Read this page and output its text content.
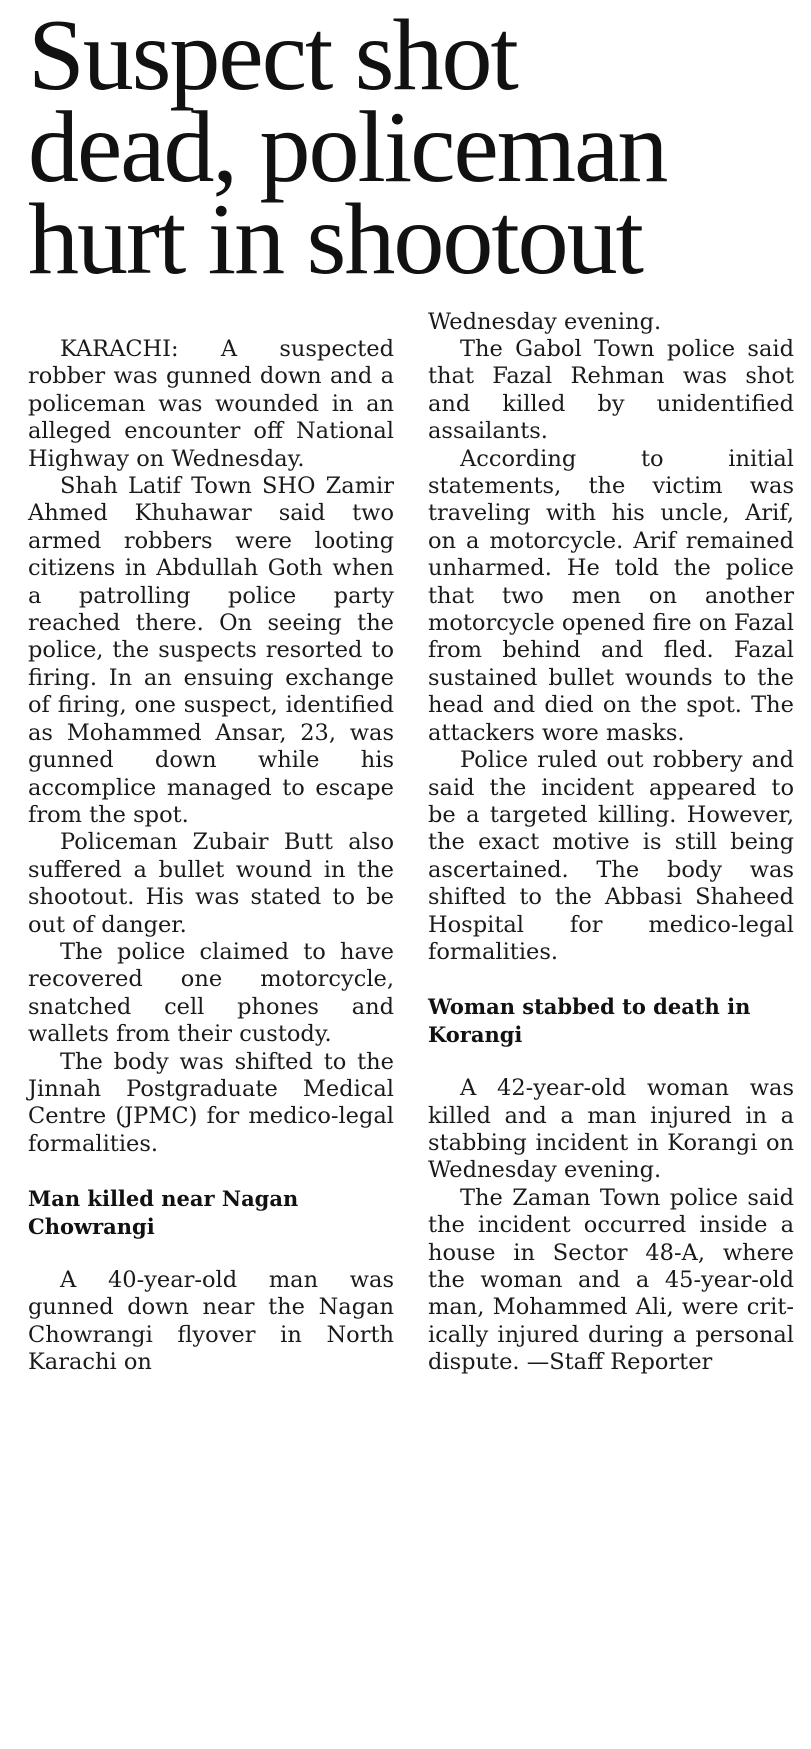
Suspect shot
dead, policeman
hurt in shootout

KARACHI: A suspected robber was gunned down and a policeman was wounded in an alleged encounter off National Highway on Wednesday.

Shah Latif Town SHO Zamir Ahmed Khuhawar said two armed robbers were looting citizens in Abdullah Goth when a patrolling police party reached there. On seeing the police, the suspects resorted to firing. In an ensuing exchange of firing, one suspect, identified as Mohammed Ansar, 23, was gunned down while his accomplice managed to escape from the spot.

Policeman Zubair Butt also suffered a bullet wound in the shootout. His was stated to be out of danger.

The police claimed to have recovered one motorcycle, snatched cell phones and wallets from their custody.

The body was shifted to the Jinnah Postgraduate Medical Centre (JPMC) for medico-legal formalities.

Man killed near Nagan Chowrangi

A 40-year-old man was gunned down near the Nagan Chowrangi flyover in North Karachi on

Wednesday evening.

The Gabol Town police said that Fazal Rehman was shot and killed by unidentified assailants.

According to initial statements, the victim was traveling with his uncle, Arif, on a motorcycle. Arif remained unharmed. He told the police that two men on another motorcycle opened fire on Fazal from behind and fled. Fazal sustained bullet wounds to the head and died on the spot. The attackers wore masks.

Police ruled out robbery and said the incident appeared to be a targeted killing. However, the exact motive is still being ascertained. The body was shifted to the Abbasi Shaheed Hospital for medico-legal formalities.

Woman stabbed to death in Korangi

A 42-year-old woman was killed and a man injured in a stabbing incident in Korangi on Wednesday evening.

The Zaman Town police said the incident occurred inside a house in Sector 48-A, where the woman and a 45-year-old man, Mohammed Ali, were critically injured during a personal dispute. —Staff Reporter
